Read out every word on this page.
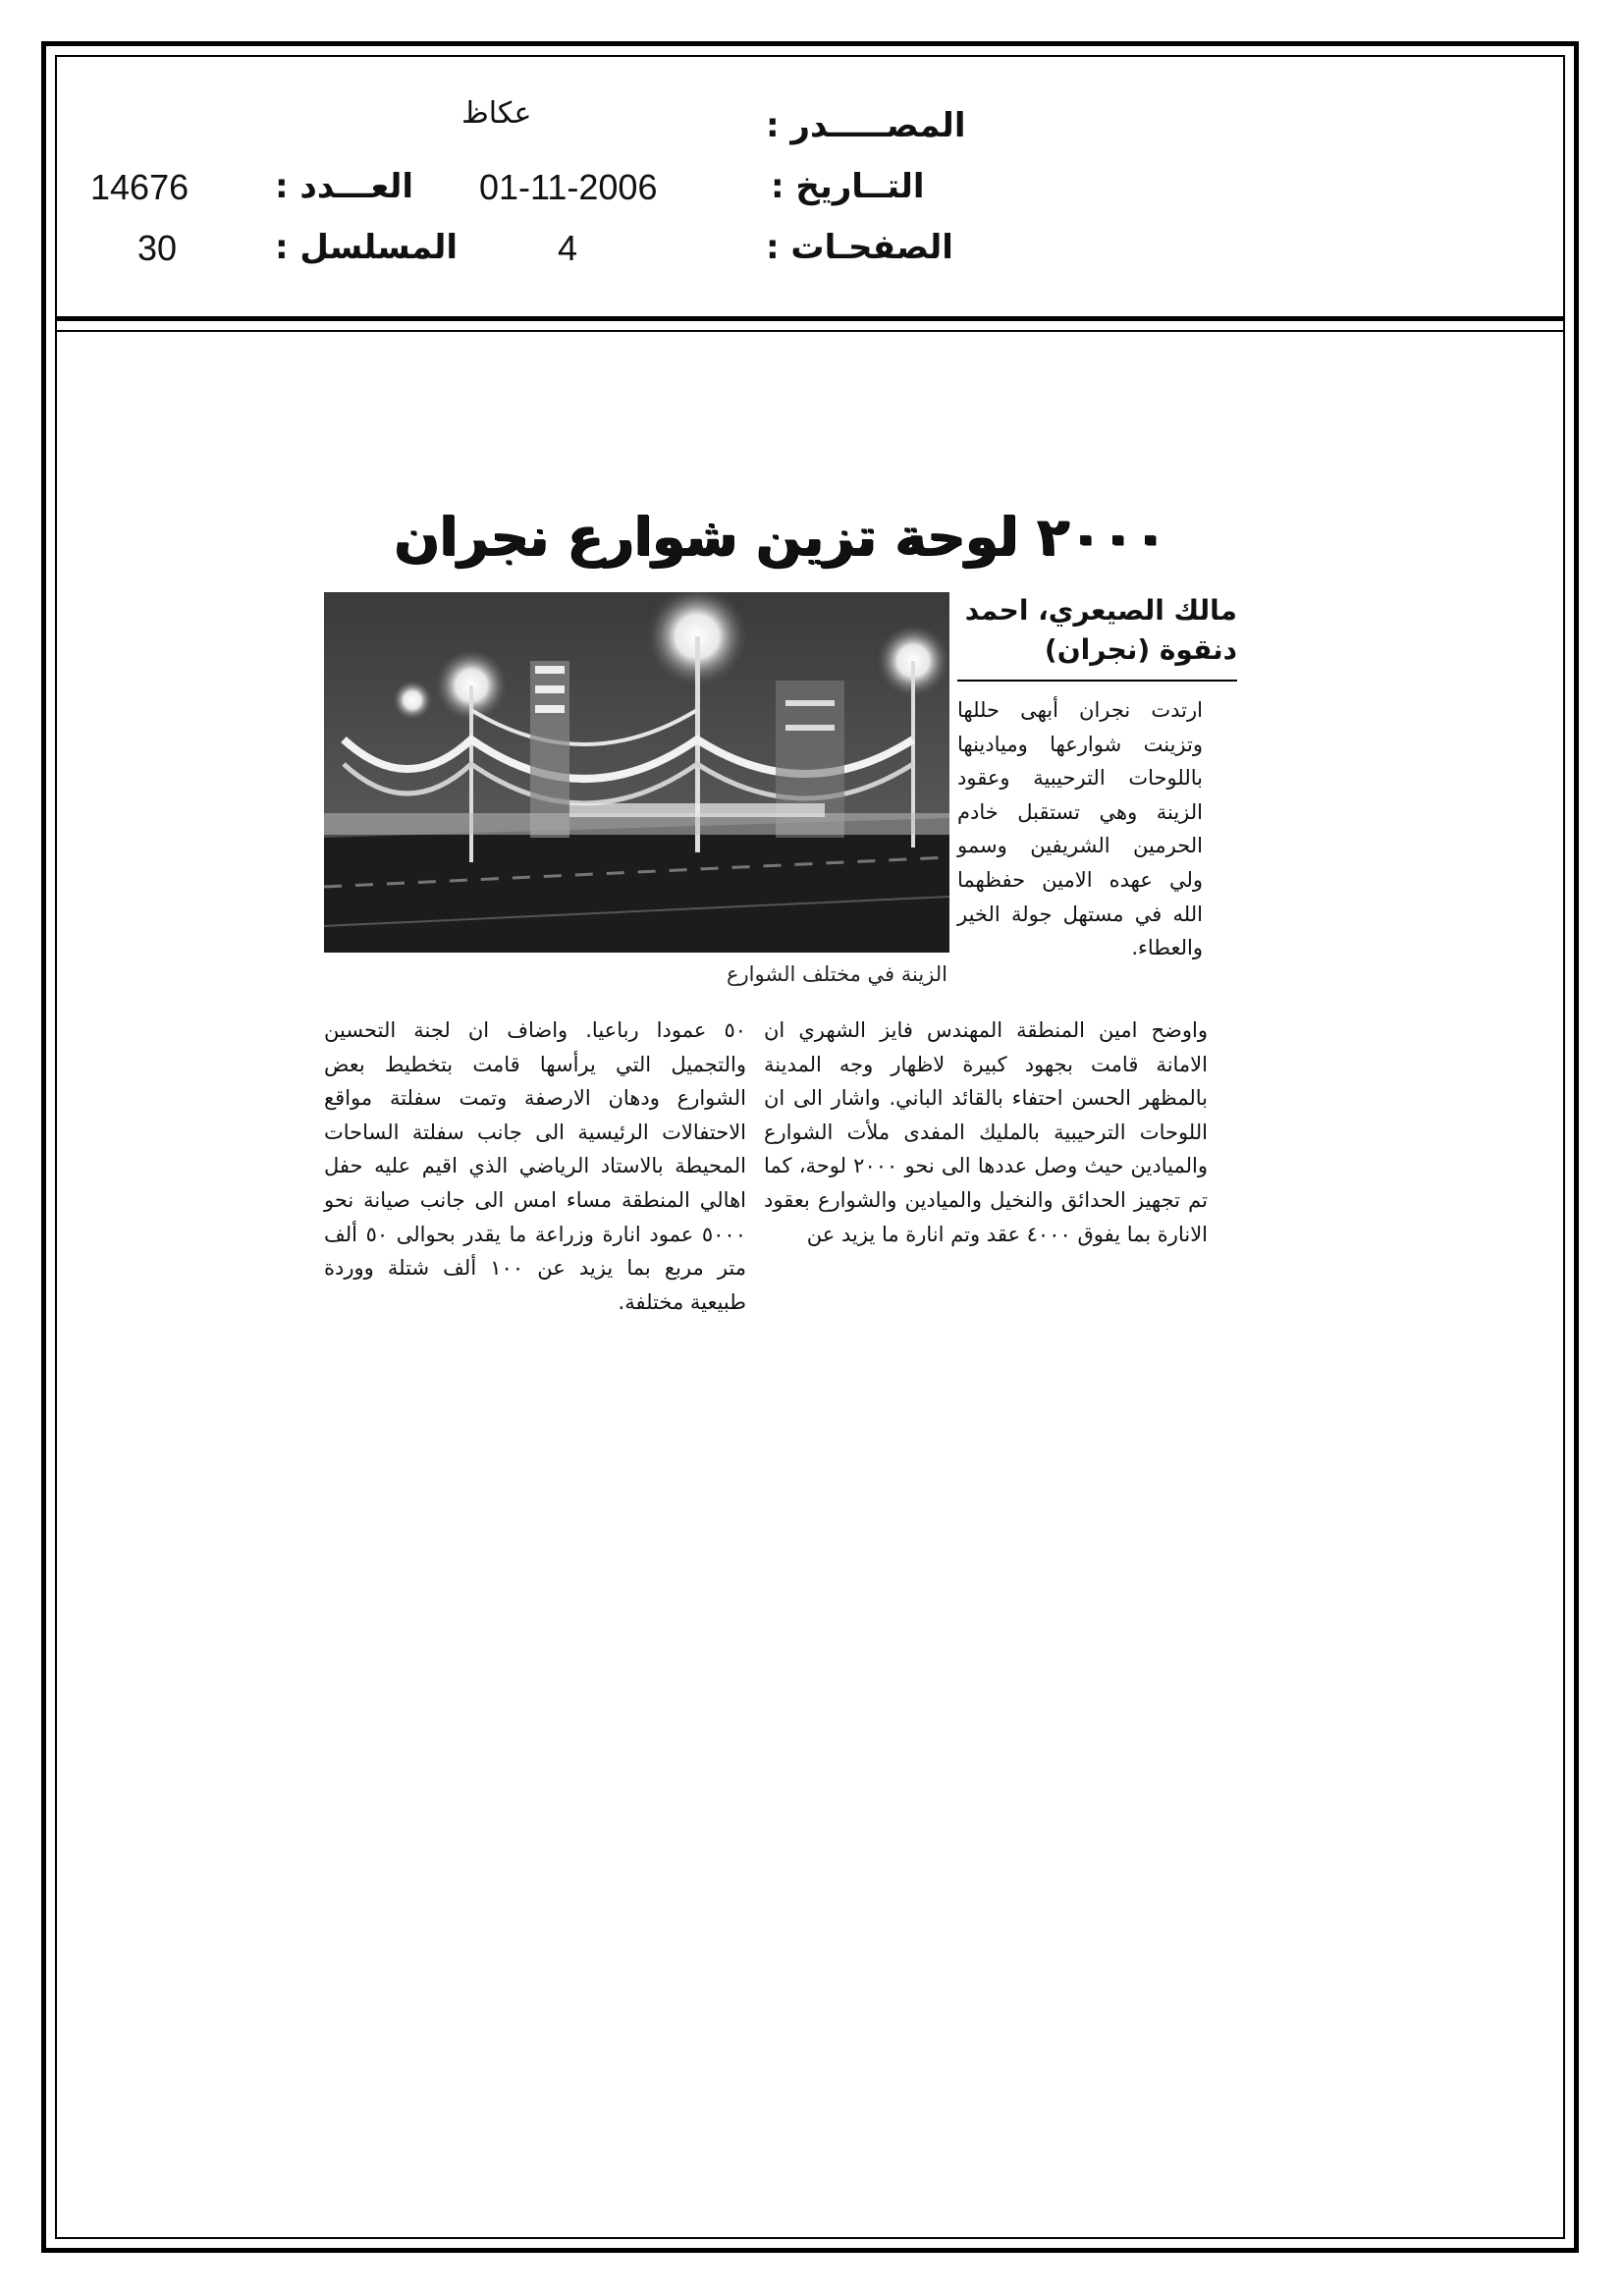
المصـــــدر :
عكاظ
التــاريخ :
01-11-2006
الصفحـات :
4
العـــدد :
14676
المسلسل :
30
٢٠٠٠ لوحة تزين شوارع نجران
الزينة في مختلف الشوارع
مالك الصيعري، احمد
دنقوة (نجران)

ارتدت نجران أبهى حللها وتزينت شوارعها وميادينها باللوحات الترحيبية وعقود الزينة وهي تستقبل خادم الحرمين الشريفين وسمو ولي عهده الامين حفظهما الله في مستهل جولة الخير والعطاء.

واوضح امين المنطقة المهندس فايز الشهري ان الامانة قامت بجهود كبيرة لاظهار وجه المدينة بالمظهر الحسن احتفاء بالقائد الباني. واشار الى ان اللوحات الترحيبية بالمليك المفدى ملأت الشوارع والميادين حيث وصل عددها الى نحو ٢٠٠٠ لوحة، كما تم تجهيز الحدائق والنخيل والميادين والشوارع بعقود الانارة بما يفوق ٤٠٠٠ عقد وتم انارة ما يزيد عن

٥٠ عمودا رباعيا. واضاف ان لجنة التحسين والتجميل التي يرأسها قامت بتخطيط بعض الشوارع ودهان الارصفة وتمت سفلتة مواقع الاحتفالات الرئيسية الى جانب سفلتة الساحات المحيطة بالاستاد الرياضي الذي اقيم عليه حفل اهالي المنطقة مساء امس الى جانب صيانة نحو ٥٠٠٠ عمود انارة وزراعة ما يقدر بحوالى ٥٠ ألف متر مربع بما يزيد عن ١٠٠ ألف شتلة ووردة طبيعية مختلفة.
